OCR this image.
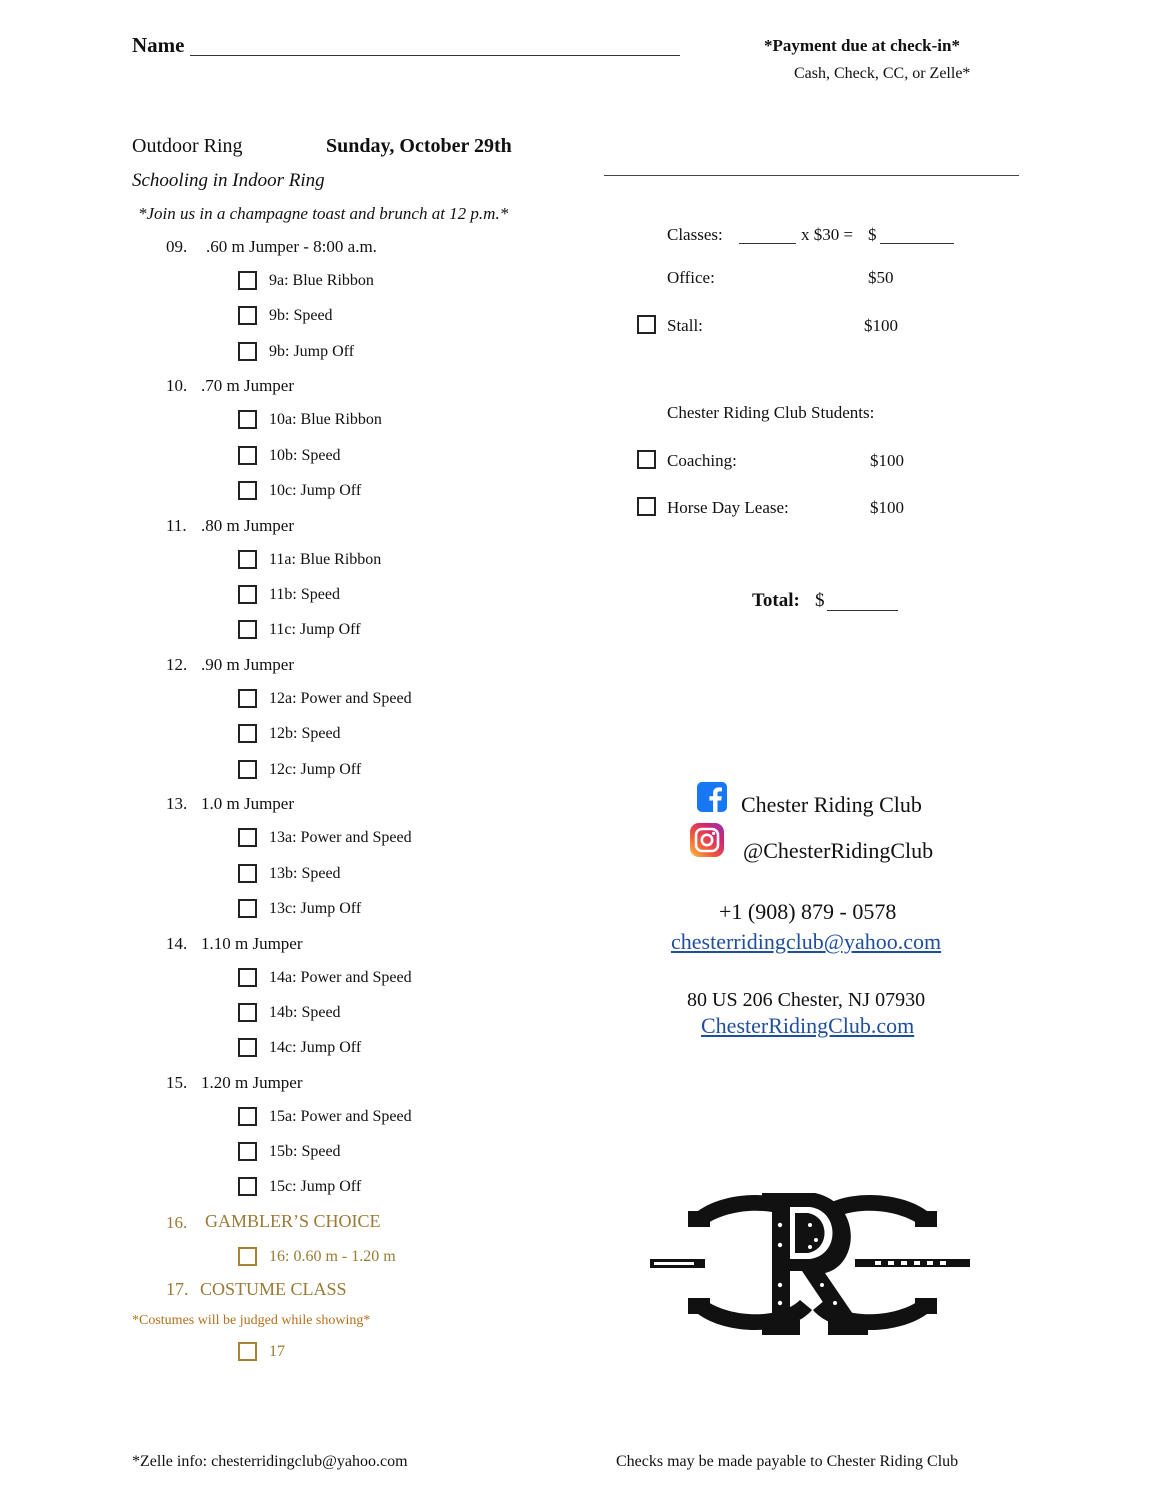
Name	*Payment due at check-in*
Cash, Check, CC, or Zelle*
Outdoor Ring	Sunday, October 29th
Schooling in Indoor Ring
*Join us in a champagne toast and brunch at 12 p.m.*
09. .60 m Jumper - 8:00 a.m.
9a: Blue Ribbon
9b: Speed
9b: Jump Off
10. .70 m Jumper
10a: Blue Ribbon
10b: Speed
10c: Jump Off
11. .80 m Jumper
11a: Blue Ribbon
11b: Speed
11c: Jump Off
12. .90 m Jumper
12a: Power and Speed
12b: Speed
12c: Jump Off
13. 1.0 m Jumper
13a: Power and Speed
13b: Speed
13c: Jump Off
14. 1.10 m Jumper
14a: Power and Speed
14b: Speed
14c: Jump Off
15. 1.20 m Jumper
15a: Power and Speed
15b: Speed
15c: Jump Off
16. GAMBLER’S CHOICE
16: 0.60 m - 1.20 m
17. COSTUME CLASS
*Costumes will be judged while showing*
17
Classes:	x $30 = $
Office:	$50
Stall:	$100
Chester Riding Club Students:
Coaching:	$100
Horse Day Lease:	$100
Total: $
Chester Riding Club
@ChesterRidingClub
+1 (908) 879 - 0578
chesterridingclub@yahoo.com
80 US 206 Chester, NJ 07930
ChesterRidingClub.com
*Zelle info: chesterridingclub@yahoo.com	Checks may be made payable to Chester Riding Club
